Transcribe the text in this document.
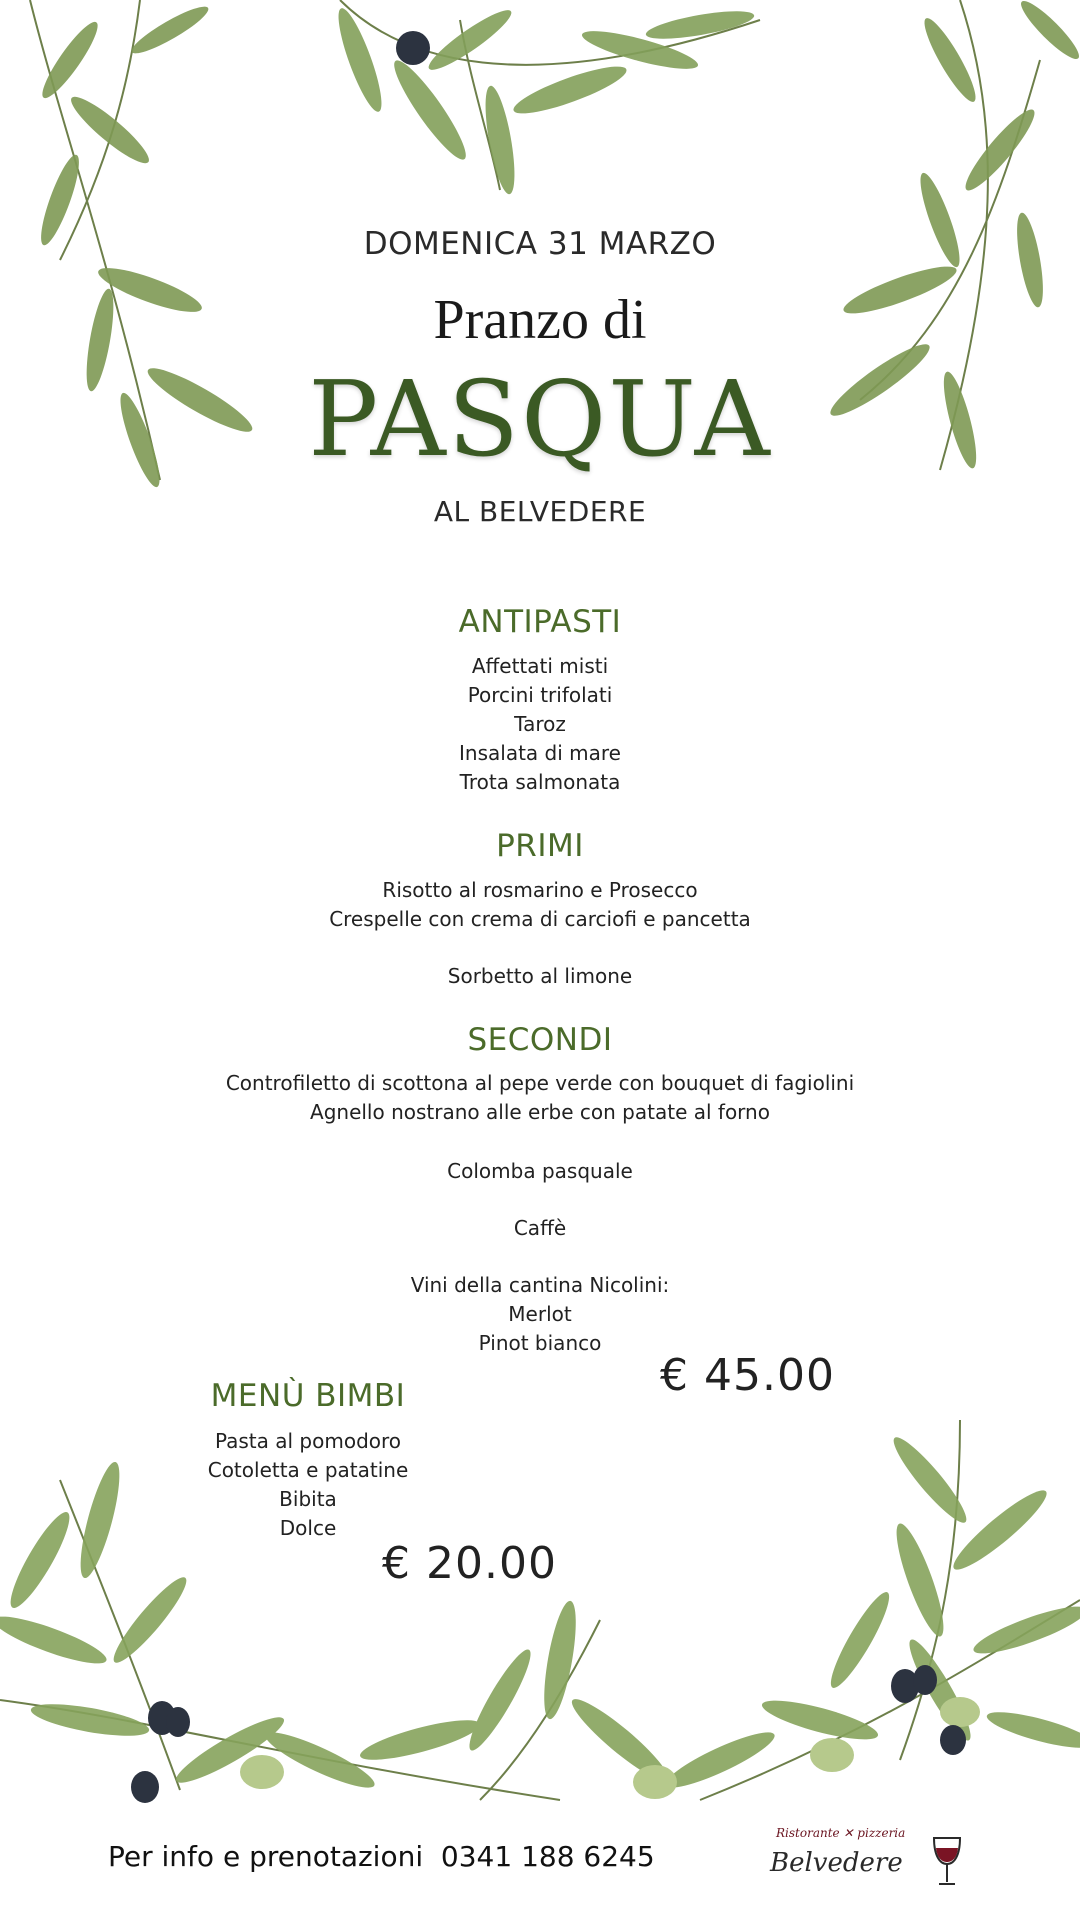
DOMENICA 31 MARZO
Pranzo di
PASQUA
AL BELVEDERE
ANTIPASTI
Affettati misti
Porcini trifolati
Taroz
Insalata di mare
Trota salmonata
PRIMI
Risotto al rosmarino e Prosecco
Crespelle con crema di carciofi e pancetta
Sorbetto al limone
SECONDI
Controfiletto di scottona al pepe verde con bouquet di fagiolini
Agnello nostrano alle erbe con patate al forno
Colomba pasquale
Caffè
Vini della cantina Nicolini:
Merlot
Pinot bianco
€ 45.00
MENÙ BIMBI
Pasta al pomodoro
Cotoletta e patatine
Bibita
Dolce
€ 20.00
Per info e prenotazioni  0341 188 6245
Ristorante ✕ pizzeria
Belvedere
